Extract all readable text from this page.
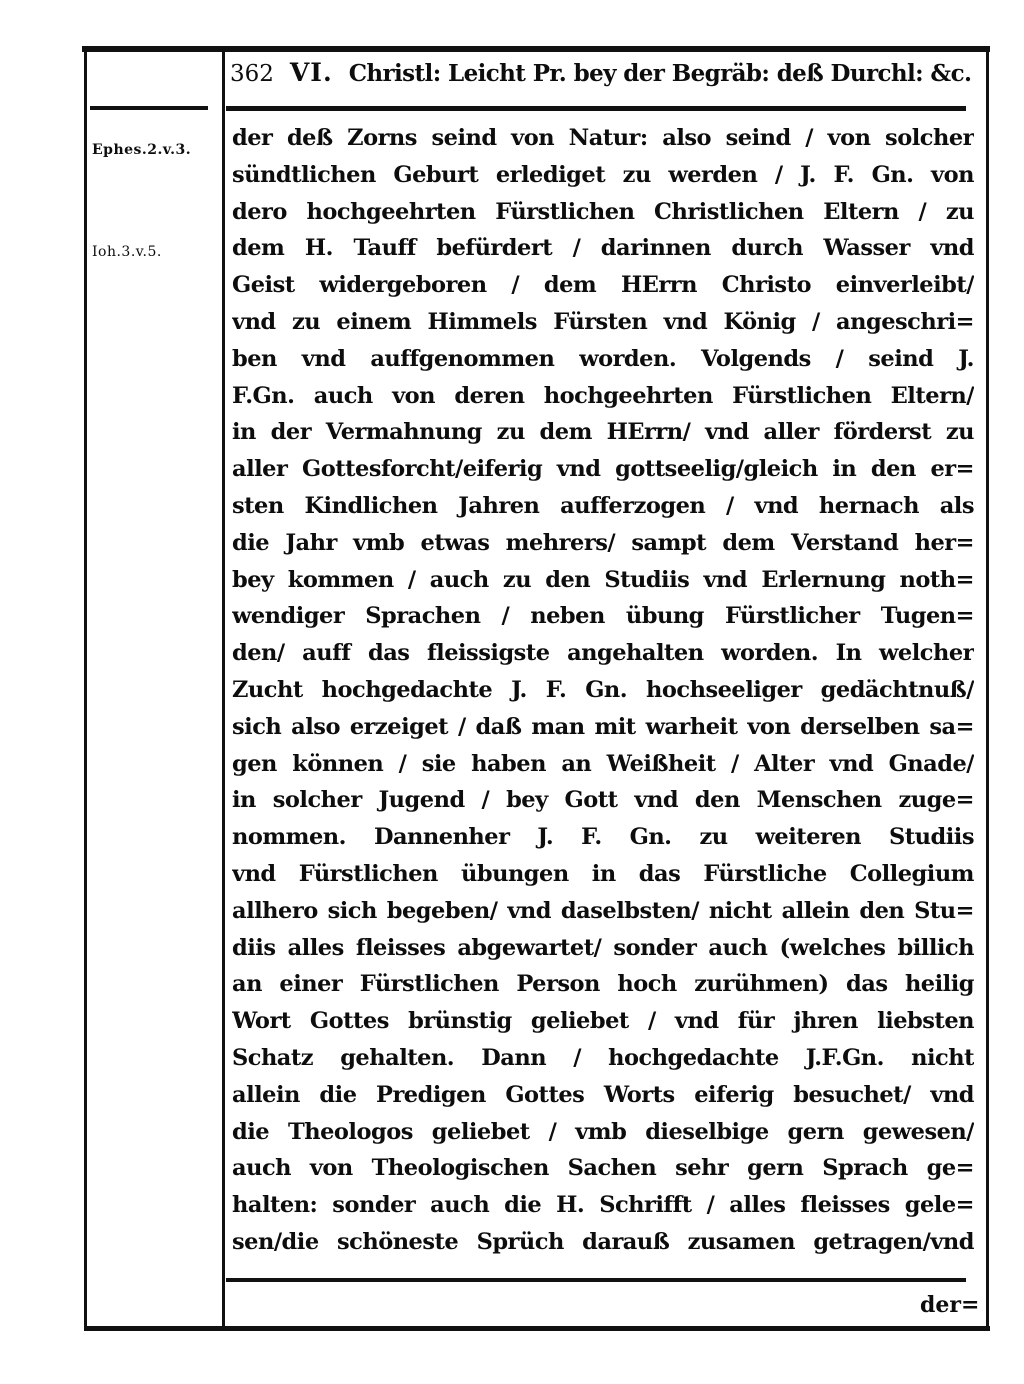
362 VI. Christl: Leicht Pr. bey der Begräb: deß Durchl: &c.
Ephes.2.v.3.
Ioh.3.v.5.
der deß Zorns seind von Natur: also seind / von solcher
sündtlichen Geburt erlediget zu werden / J. F. Gn. von
dero hochgeehrten Fürstlichen Christlichen Eltern / zu
dem H. Tauff befürdert / darinnen durch Wasser vnd
Geist widergeboren / dem HErrn Christo einverleibt/
vnd zu einem Himmels Fürsten vnd König / angeschri=
ben vnd auffgenommen worden. Volgends / seind J.
F.Gn. auch von deren hochgeehrten Fürstlichen Eltern/
in der Vermahnung zu dem HErrn/ vnd aller förderst zu
aller Gottesforcht/eiferig vnd gottseelig/gleich in den er=
sten Kindlichen Jahren aufferzogen / vnd hernach als
die Jahr vmb etwas mehrers/ sampt dem Verstand her=
bey kommen / auch zu den Studiis vnd Erlernung noth=
wendiger Sprachen / neben übung Fürstlicher Tugen=
den/ auff das fleissigste angehalten worden. In welcher
Zucht hochgedachte J. F. Gn. hochseeliger gedächtnuß/
sich also erzeiget / daß man mit warheit von derselben sa=
gen können / sie haben an Weißheit / Alter vnd Gnade/
in solcher Jugend / bey Gott vnd den Menschen zuge=
nommen. Dannenher J. F. Gn. zu weiteren Studiis
vnd Fürstlichen übungen in das Fürstliche Collegium
allhero sich begeben/ vnd daselbsten/ nicht allein den Stu=
diis alles fleisses abgewartet/ sonder auch (welches billich
an einer Fürstlichen Person hoch zurühmen) das heilig
Wort Gottes brünstig geliebet / vnd für jhren liebsten
Schatz gehalten. Dann / hochgedachte J.F.Gn. nicht
allein die Predigen Gottes Worts eiferig besuchet/ vnd
die Theologos geliebet / vmb dieselbige gern gewesen/
auch von Theologischen Sachen sehr gern Sprach ge=
halten: sonder auch die H. Schrifft / alles fleisses gele=
sen/die schöneste Sprüch darauß zusamen getragen/vnd
der=
